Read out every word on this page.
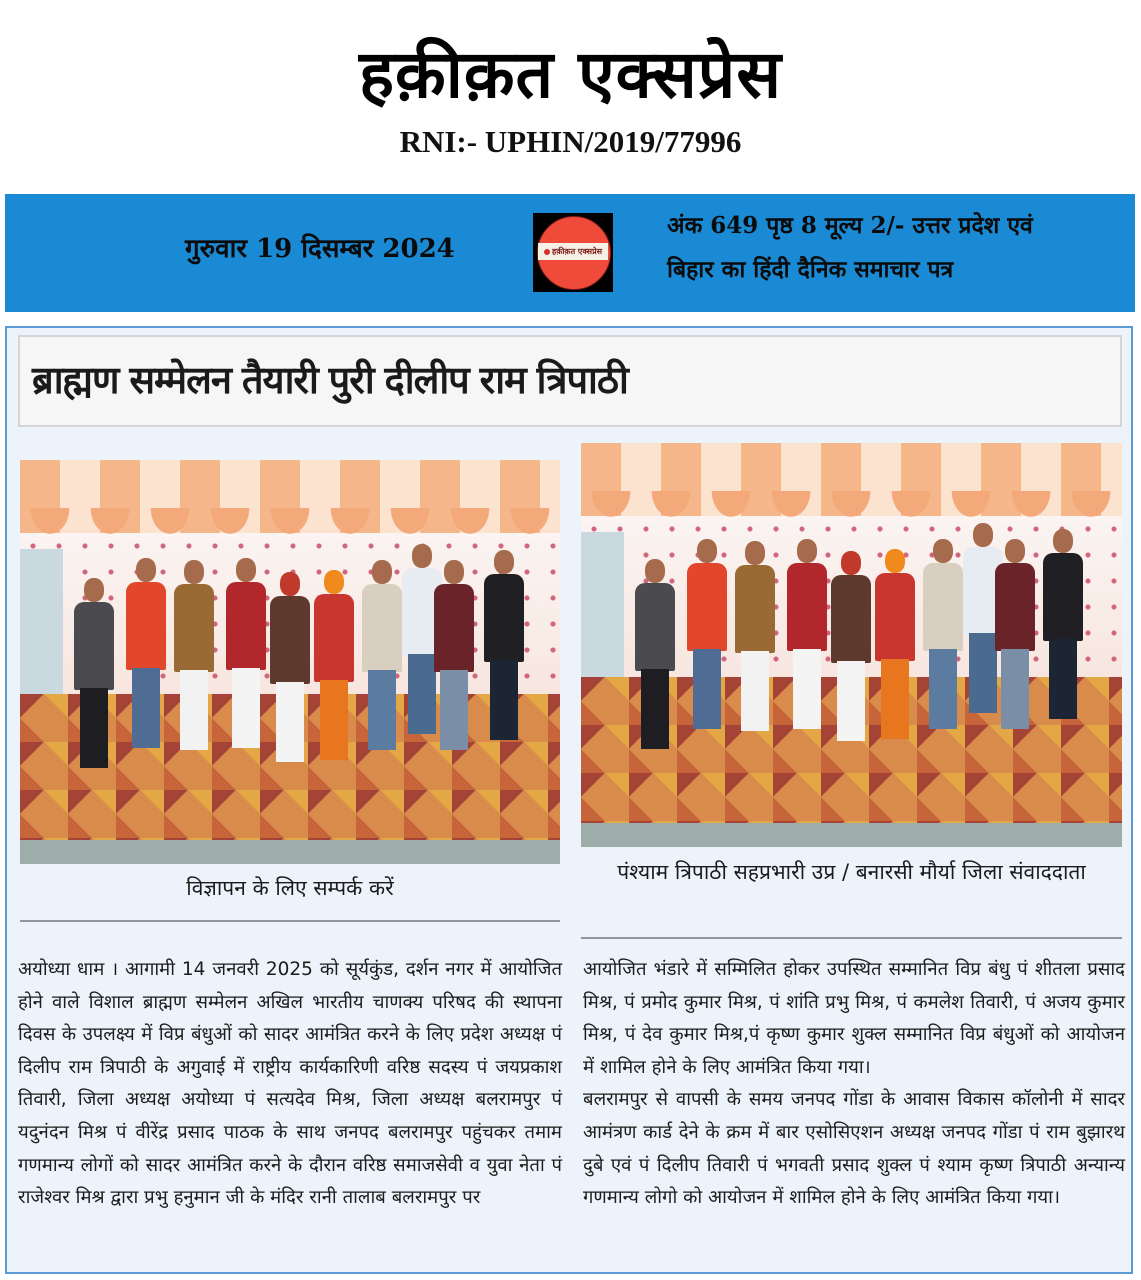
हक़ीक़त एक्सप्रेस
RNI:- UPHIN/2019/77996
गुरुवार 19 दिसम्बर 2024	हक़ीक़त एक्सप्रेस
अंक 649 पृष्ठ 8 मूल्य 2/- उत्तर प्रदेश एवं
बिहार का हिंदी दैनिक समाचार पत्र
ब्राह्मण सम्मेलन तैयारी पुरी दीलीप राम त्रिपाठी
विज्ञापन के लिए सम्पर्क करें
पंश्याम त्रिपाठी सहप्रभारी उप्र / बनारसी मौर्या जिला संवाददाता

अयोध्या धाम । आगामी 14 जनवरी 2025 को सूर्यकुंड, दर्शन नगर में आयोजित होने वाले विशाल ब्राह्मण सम्मेलन अखिल भारतीय चाणक्य परिषद की स्थापना दिवस के उपलक्ष्य में विप्र बंधुओं को सादर आमंत्रित करने के लिए प्रदेश अध्यक्ष पं दिलीप राम त्रिपाठी के अगुवाई में राष्ट्रीय कार्यकारिणी वरिष्ठ सदस्य पं जयप्रकाश तिवारी, जिला अध्यक्ष अयोध्या पं सत्यदेव मिश्र, जिला अध्यक्ष बलरामपुर पं यदुनंदन मिश्र पं वीरेंद्र प्रसाद पाठक के साथ जनपद बलरामपुर पहुंचकर तमाम गणमान्य लोगों को सादर आमंत्रित करने के दौरान वरिष्ठ समाजसेवी व युवा नेता पं राजेश्वर मिश्र द्वारा प्रभु हनुमान जी के मंदिर रानी तालाब बलरामपुर पर

आयोजित भंडारे में सम्मिलित होकर उपस्थित सम्मानित विप्र बंधु पं शीतला प्रसाद मिश्र, पं प्रमोद कुमार मिश्र, पं शांति प्रभु मिश्र, पं कमलेश तिवारी, पं अजय कुमार मिश्र, पं देव कुमार मिश्र,पं कृष्ण कुमार शुक्ल सम्मानित विप्र बंधुओं को आयोजन में शामिल होने के लिए आमंत्रित किया गया।

बलरामपुर से वापसी के समय जनपद गोंडा के आवास विकास कॉलोनी में सादर आमंत्रण कार्ड देने के क्रम में बार एसोसिएशन अध्यक्ष जनपद गोंडा पं राम बुझारथ दुबे एवं पं दिलीप तिवारी पं भगवती प्रसाद शुक्ल पं श्याम कृष्ण त्रिपाठी अन्यान्य गणमान्य लोगो को आयोजन में शामिल होने के लिए आमंत्रित किया गया।
